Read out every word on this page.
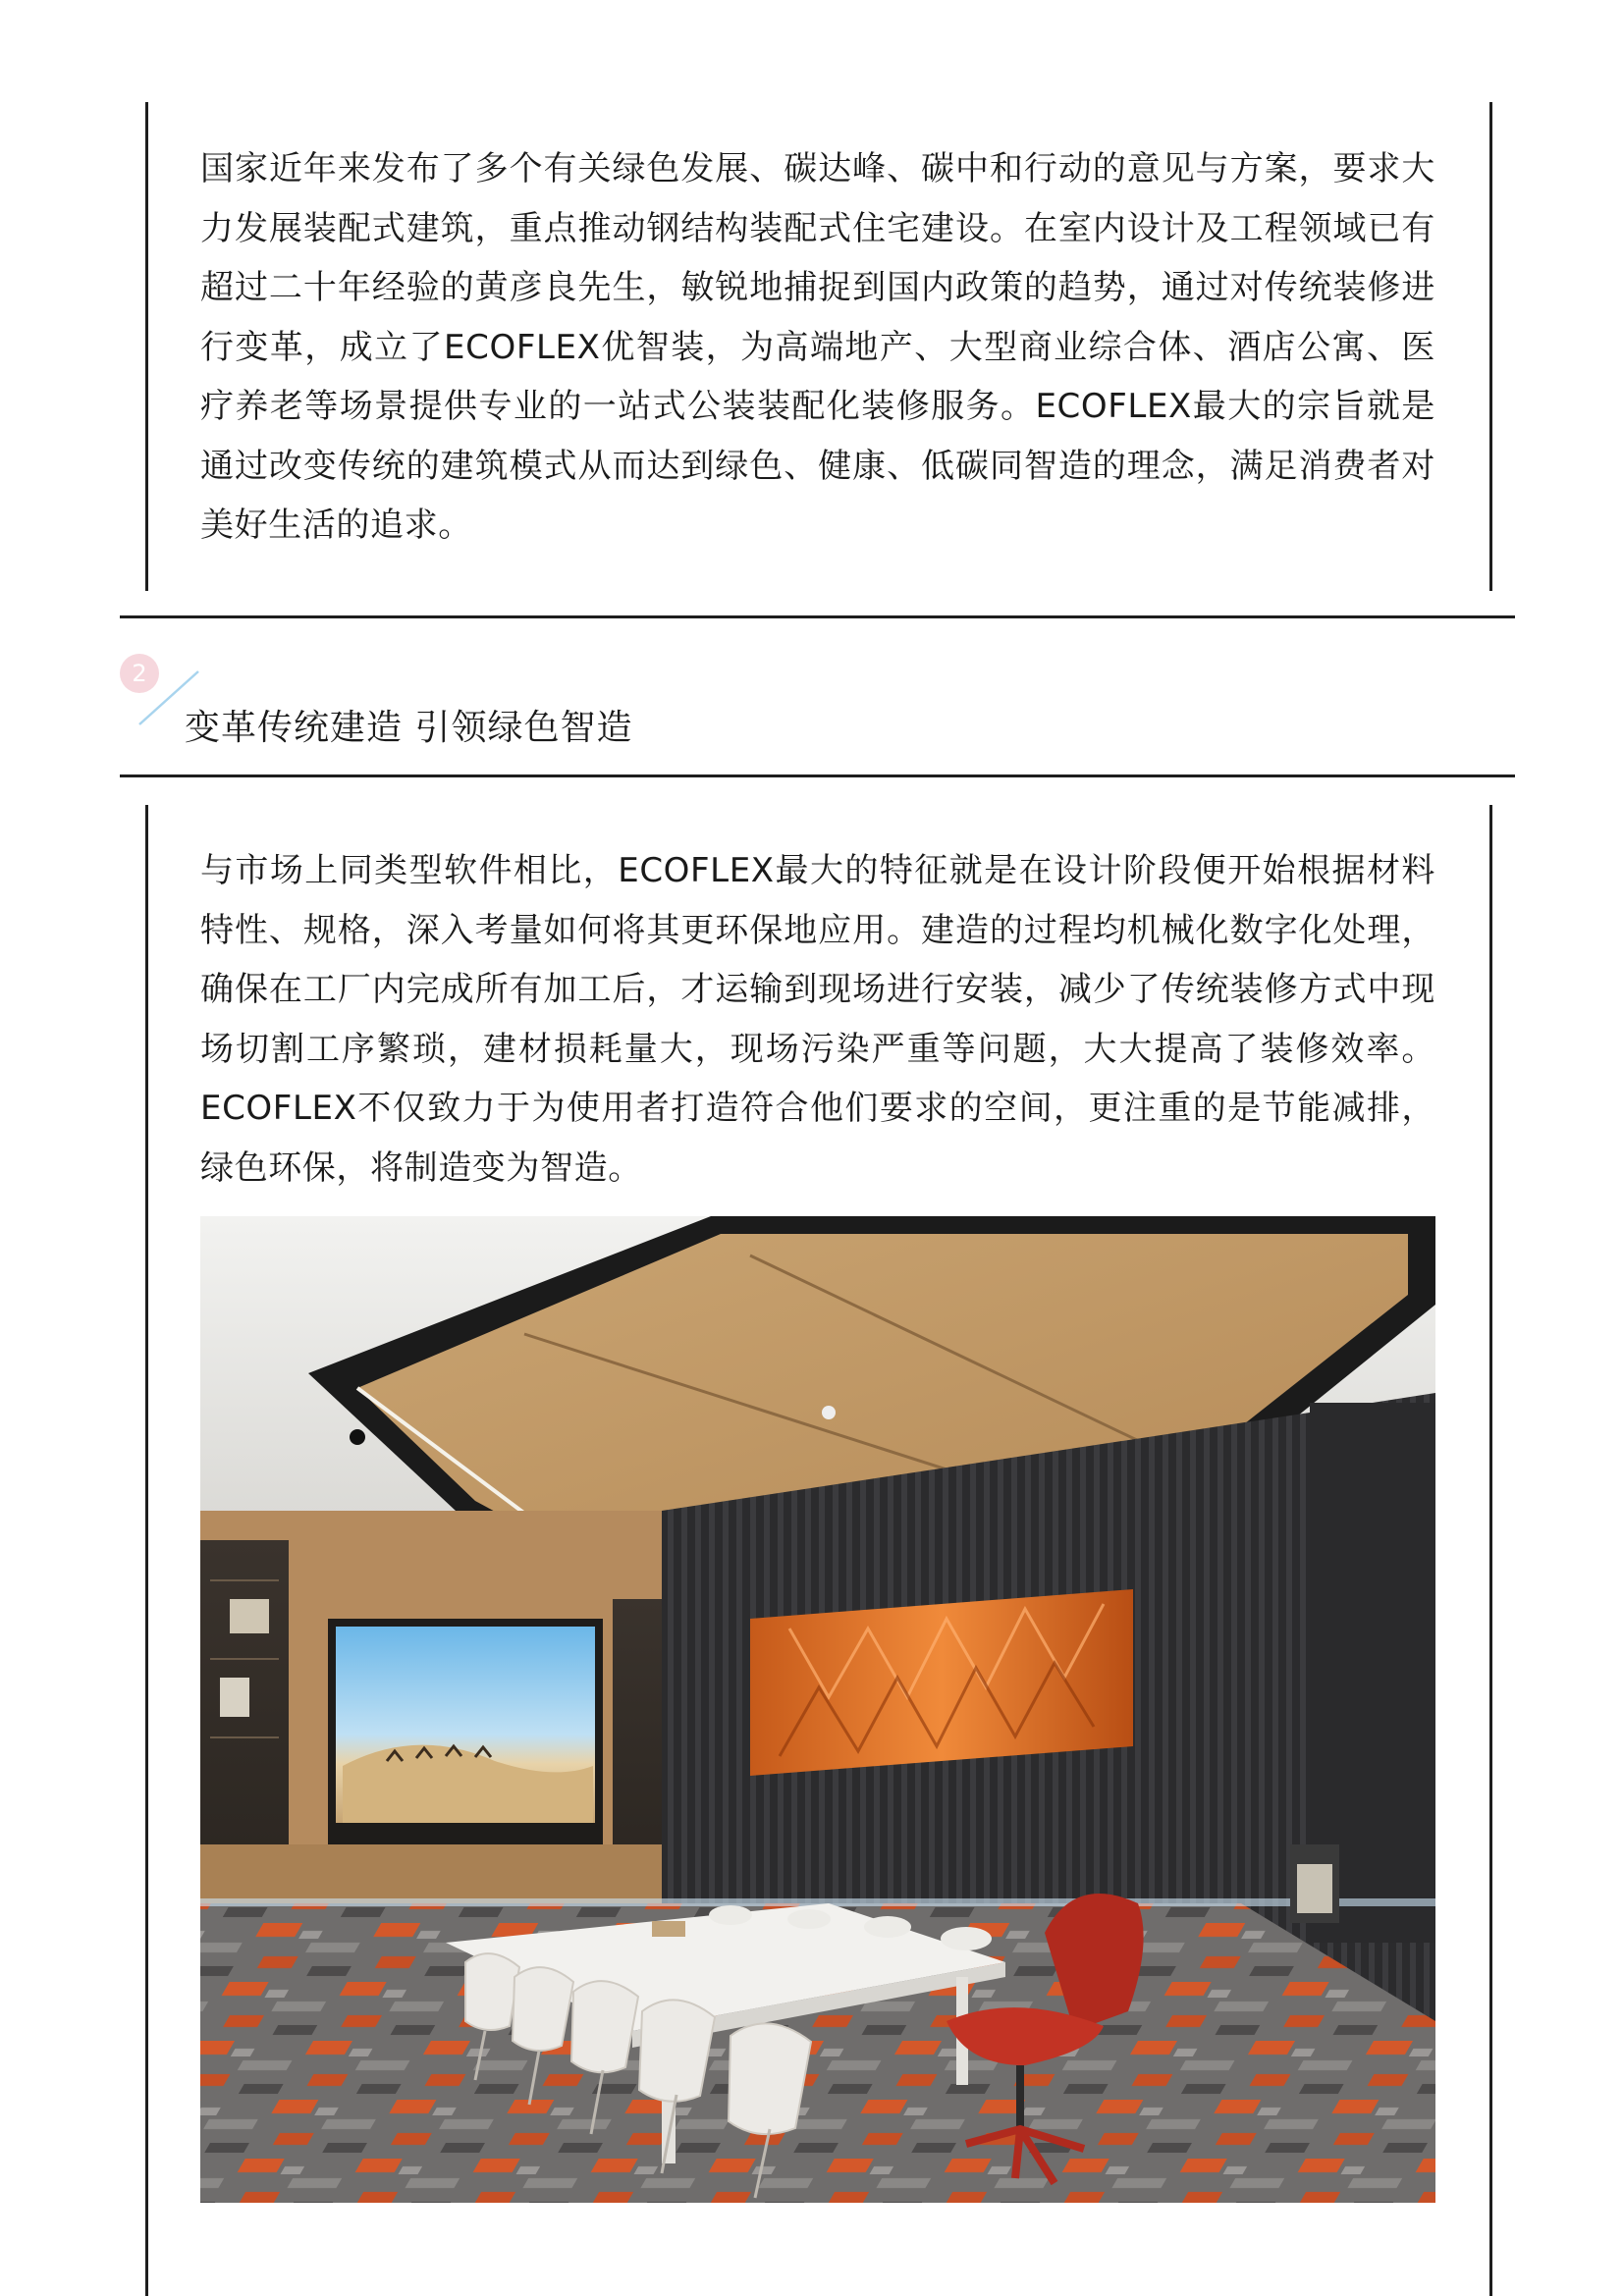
国家近年来发布了多个有关绿色发展、碳达峰、碳中和行动的意见与方案，要求大力发展装配式建筑，重点推动钢结构装配式住宅建设。在室内设计及工程领域已有超过二十年经验的黄彦良先生，敏锐地捕捉到国内政策的趋势，通过对传统装修进行变革，成立了ECOFLEX优智装，为高端地产、大型商业综合体、酒店公寓、医疗养老等场景提供专业的一站式公装装配化装修服务。ECOFLEX最大的宗旨就是通过改变传统的建筑模式从而达到绿色、健康、低碳同智造的理念，满足消费者对美好生活的追求。

2
变革传统建造 引领绿色智造

与市场上同类型软件相比，ECOFLEX最大的特征就是在设计阶段便开始根据材料特性、规格，深入考量如何将其更环保地应用。建造的过程均机械化数字化处理，确保在工厂内完成所有加工后，才运输到现场进行安装，减少了传统装修方式中现场切割工序繁琐，建材损耗量大，现场污染严重等问题，大大提高了装修效率。ECOFLEX不仅致力于为使用者打造符合他们要求的空间，更注重的是节能减排，绿色环保，将制造变为智造。
